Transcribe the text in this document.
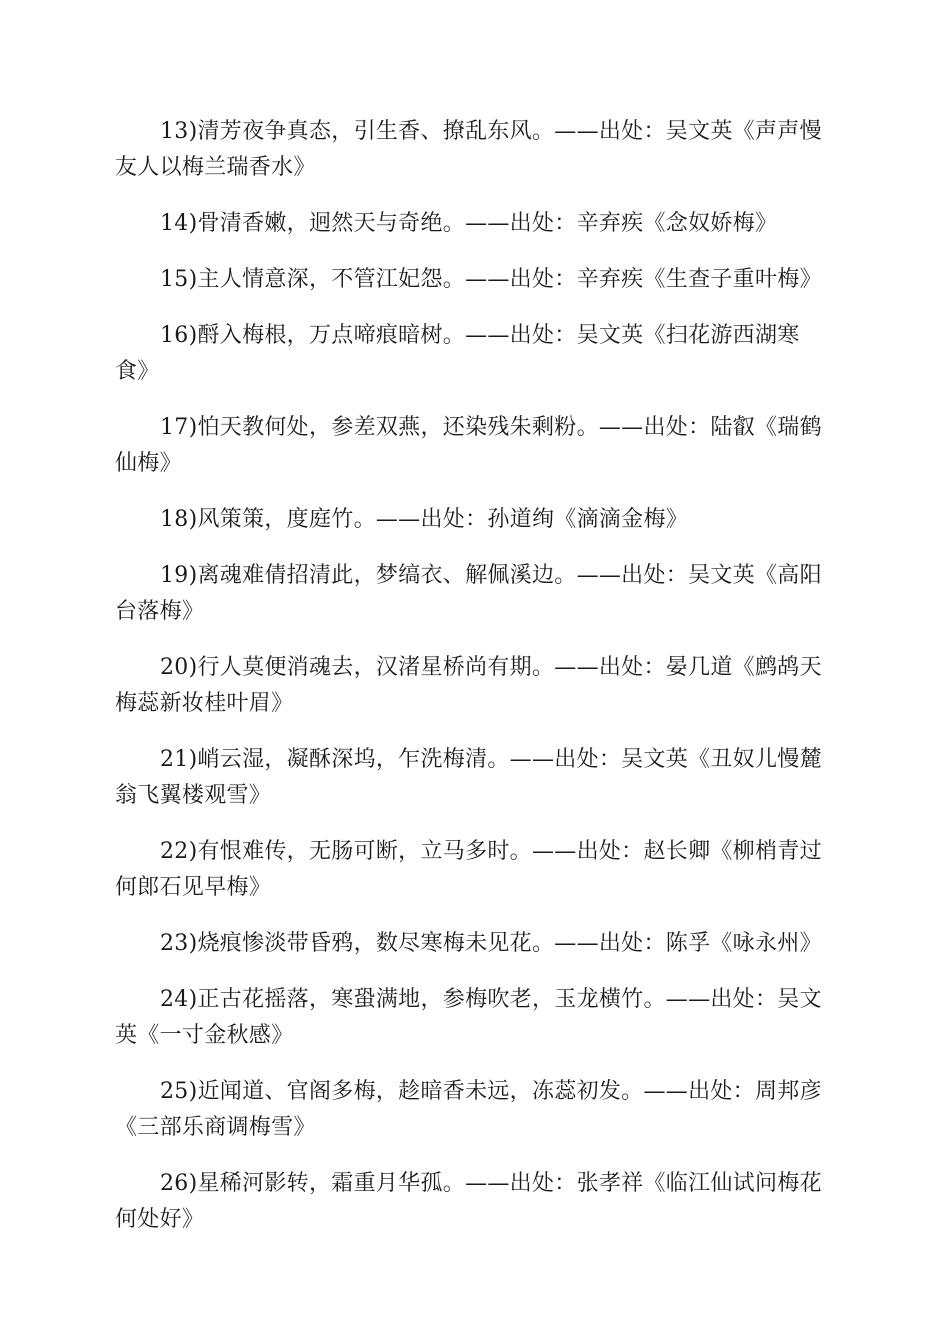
13)清芳夜争真态，引生香、撩乱东风。——出处：吴文英《声声慢友人以梅兰瑞香水》

14)骨清香嫩，迥然天与奇绝。——出处：辛弃疾《念奴娇梅》

15)主人情意深，不管江妃怨。——出处：辛弃疾《生查子重叶梅》

16)酹入梅根，万点啼痕暗树。——出处：吴文英《扫花游西湖寒食》

17)怕天教何处，参差双燕，还染残朱剩粉。——出处：陆叡《瑞鹤仙梅》

18)风策策，度庭竹。——出处：孙道绚《滴滴金梅》

19)离魂难倩招清此，梦缟衣、解佩溪边。——出处：吴文英《高阳台落梅》

20)行人莫便消魂去，汉渚星桥尚有期。——出处：晏几道《鹧鸪天梅蕊新妆桂叶眉》

21)峭云湿，凝酥深坞，乍洗梅清。——出处：吴文英《丑奴儿慢麓翁飞翼楼观雪》

22)有恨难传，无肠可断，立马多时。——出处：赵长卿《柳梢青过何郎石见早梅》

23)烧痕惨淡带昏鸦，数尽寒梅未见花。——出处：陈孚《咏永州》

24)正古花摇落，寒蛩满地，参梅吹老，玉龙横竹。——出处：吴文英《一寸金秋感》

25)近闻道、官阁多梅，趁暗香未远，冻蕊初发。——出处：周邦彦《三部乐商调梅雪》

26)星稀河影转，霜重月华孤。——出处：张孝祥《临江仙试问梅花何处好》
